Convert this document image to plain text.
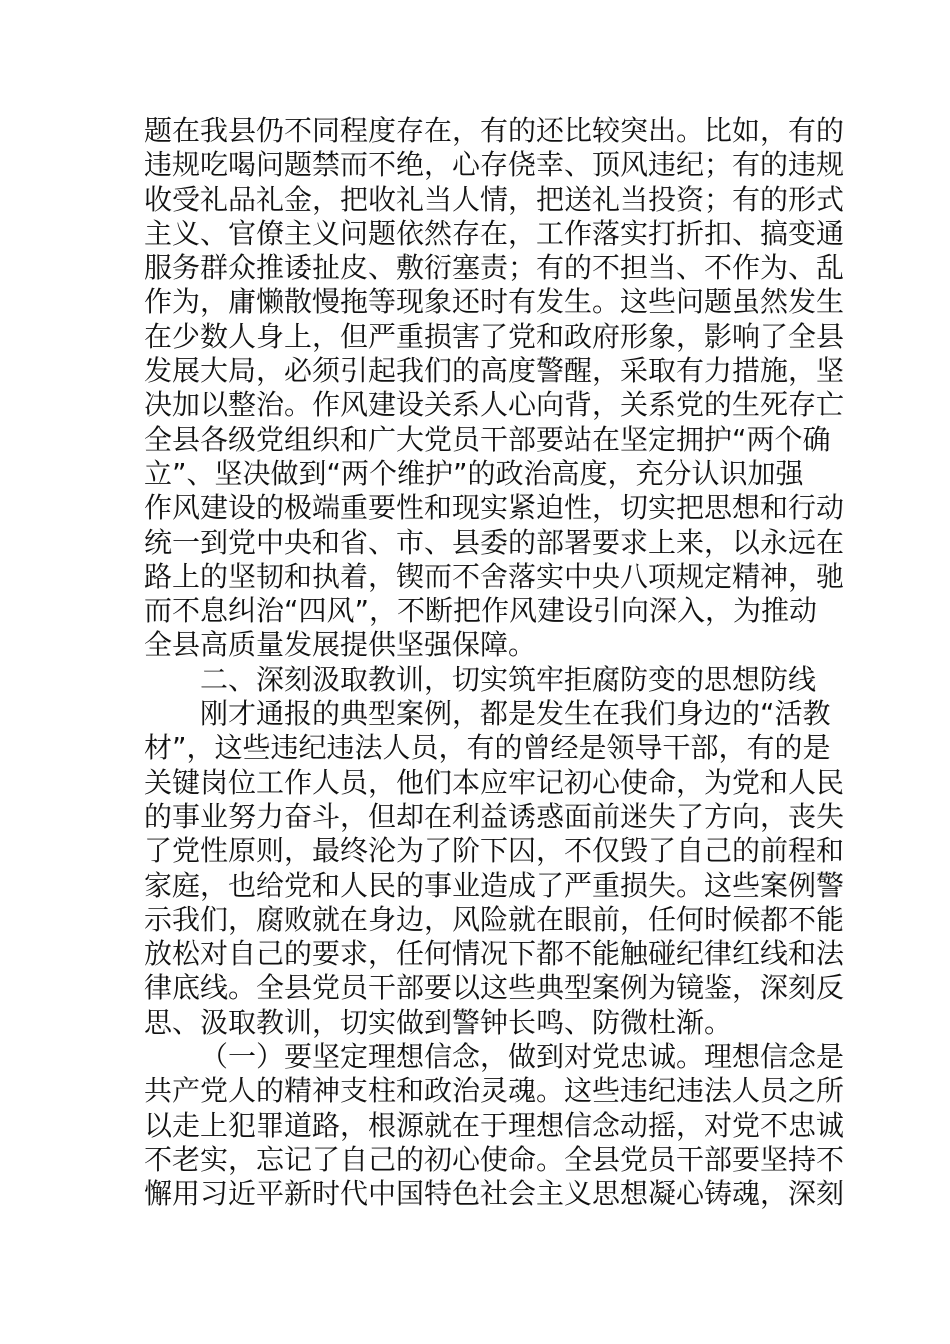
题在我县仍不同程度存在，有的还比较突出。比如，有的
违规吃喝问题禁而不绝，心存侥幸、顶风违纪；有的违规
收受礼品礼金，把收礼当人情，把送礼当投资；有的形式
主义、官僚主义问题依然存在，工作落实打折扣、搞变通
服务群众推诿扯皮、敷衍塞责；有的不担当、不作为、乱
作为，庸懒散慢拖等现象还时有发生。这些问题虽然发生
在少数人身上，但严重损害了党和政府形象，影响了全县
发展大局，必须引起我们的高度警醒，采取有力措施，坚
决加以整治。作风建设关系人心向背，关系党的生死存亡
全县各级党组织和广大党员干部要站在坚定拥护“两个确
立”、坚决做到“两个维护”的政治高度，充分认识加强
作风建设的极端重要性和现实紧迫性，切实把思想和行动
统一到党中央和省、市、县委的部署要求上来，以永远在
路上的坚韧和执着，锲而不舍落实中央八项规定精神，驰
而不息纠治“四风”，不断把作风建设引向深入，为推动
全县高质量发展提供坚强保障。
二、深刻汲取教训，切实筑牢拒腐防变的思想防线
刚才通报的典型案例，都是发生在我们身边的“活教
材”，这些违纪违法人员，有的曾经是领导干部，有的是
关键岗位工作人员，他们本应牢记初心使命，为党和人民
的事业努力奋斗，但却在利益诱惑面前迷失了方向，丧失
了党性原则，最终沦为了阶下囚，不仅毁了自己的前程和
家庭，也给党和人民的事业造成了严重损失。这些案例警
示我们，腐败就在身边，风险就在眼前，任何时候都不能
放松对自己的要求，任何情况下都不能触碰纪律红线和法
律底线。全县党员干部要以这些典型案例为镜鉴，深刻反
思、汲取教训，切实做到警钟长鸣、防微杜渐。
（一）要坚定理想信念，做到对党忠诚。理想信念是
共产党人的精神支柱和政治灵魂。这些违纪违法人员之所
以走上犯罪道路，根源就在于理想信念动摇，对党不忠诚
不老实，忘记了自己的初心使命。全县党员干部要坚持不
懈用习近平新时代中国特色社会主义思想凝心铸魂，深刻
